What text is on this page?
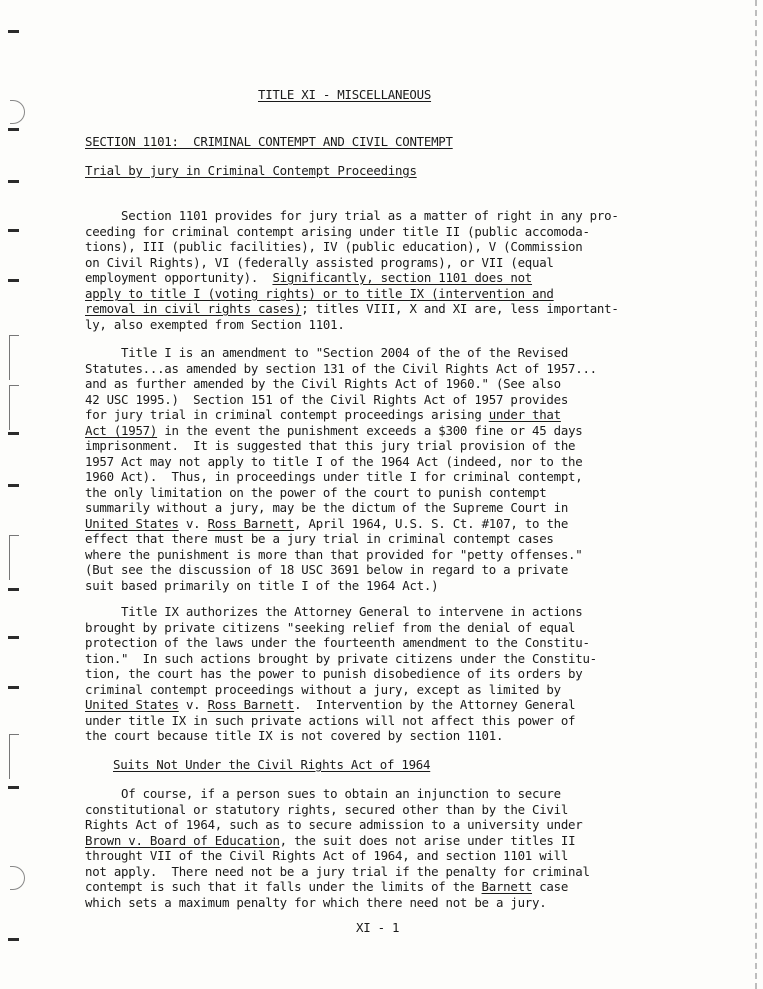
TITLE XI - MISCELLANEOUS
SECTION 1101:  CRIMINAL CONTEMPT AND CIVIL CONTEMPT
Trial by jury in Criminal Contempt Proceedings
Section 1101 provides for jury trial as a matter of right in any pro-
ceeding for criminal contempt arising under title II (public accomoda-
tions), III (public facilities), IV (public education), V (Commission
on Civil Rights), VI (federally assisted programs), or VII (equal
employment opportunity).  Significantly, section 1101 does not
apply to title I (voting rights) or to title IX (intervention and
removal in civil rights cases); titles VIII, X and XI are, less important-
ly, also exempted from Section 1101.
Title I is an amendment to "Section 2004 of the of the Revised
Statutes...as amended by section 131 of the Civil Rights Act of 1957...
and as further amended by the Civil Rights Act of 1960." (See also
42 USC 1995.)  Section 151 of the Civil Rights Act of 1957 provides
for jury trial in criminal contempt proceedings arising under that
Act (1957) in the event the punishment exceeds a $300 fine or 45 days
imprisonment.  It is suggested that this jury trial provision of the
1957 Act may not apply to title I of the 1964 Act (indeed, nor to the
1960 Act).  Thus, in proceedings under title I for criminal contempt,
the only limitation on the power of the court to punish contempt
summarily without a jury, may be the dictum of the Supreme Court in
United States v. Ross Barnett, April 1964, U.S. S. Ct. #107, to the
effect that there must be a jury trial in criminal contempt cases
where the punishment is more than that provided for "petty offenses."
(But see the discussion of 18 USC 3691 below in regard to a private
suit based primarily on title I of the 1964 Act.)
Title IX authorizes the Attorney General to intervene in actions
brought by private citizens "seeking relief from the denial of equal
protection of the laws under the fourteenth amendment to the Constitu-
tion."  In such actions brought by private citizens under the Constitu-
tion, the court has the power to punish disobedience of its orders by
criminal contempt proceedings without a jury, except as limited by
United States v. Ross Barnett.  Intervention by the Attorney General
under title IX in such private actions will not affect this power of
the court because title IX is not covered by section 1101.
Suits Not Under the Civil Rights Act of 1964
Of course, if a person sues to obtain an injunction to secure
constitutional or statutory rights, secured other than by the Civil
Rights Act of 1964, such as to secure admission to a university under
Brown v. Board of Education, the suit does not arise under titles II
throught VII of the Civil Rights Act of 1964, and section 1101 will
not apply.  There need not be a jury trial if the penalty for criminal
contempt is such that it falls under the limits of the Barnett case
which sets a maximum penalty for which there need not be a jury.
XI - 1
